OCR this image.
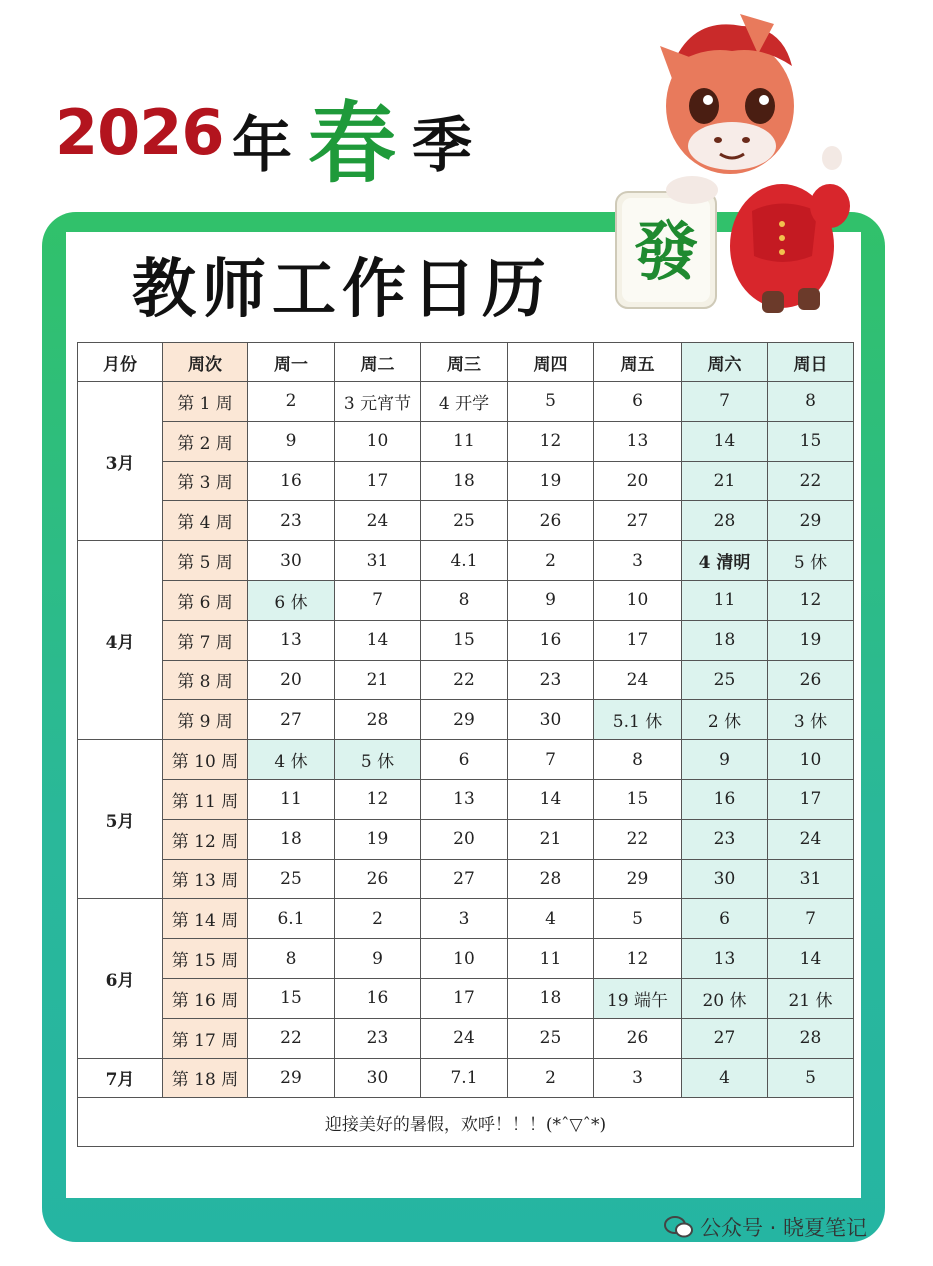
2026 年 春 季
教师工作日历 發
月份	周次	周一	周二	周三	周四	周五	周六	周日
3月	第 1 周	2	3 元宵节	4 开学	5	6	7	8
	第 2 周	9	10	11	12	13	14	15
	第 3 周	16	17	18	19	20	21	22
	第 4 周	23	24	25	26	27	28	29
4月	第 5 周	30	31	4.1	2	3	4 清明	5 休
	第 6 周	6 休	7	8	9	10	11	12
	第 7 周	13	14	15	16	17	18	19
	第 8 周	20	21	22	23	24	25	26
	第 9 周	27	28	29	30	5.1 休	2 休	3 休
5月	第 10 周	4 休	5 休	6	7	8	9	10
	第 11 周	11	12	13	14	15	16	17
	第 12 周	18	19	20	21	22	23	24
	第 13 周	25	26	27	28	29	30	31
6月	第 14 周	6.1	2	3	4	5	6	7
	第 15 周	8	9	10	11	12	13	14
	第 16 周	15	16	17	18	19 端午	20 休	21 休
	第 17 周	22	23	24	25	26	27	28
7月	第 18 周	29	30	7.1	2	3	4	5
迎接美好的暑假，欢呼！！！(*ˆ▽ˆ*)								
公众号 · 晓夏笔记
